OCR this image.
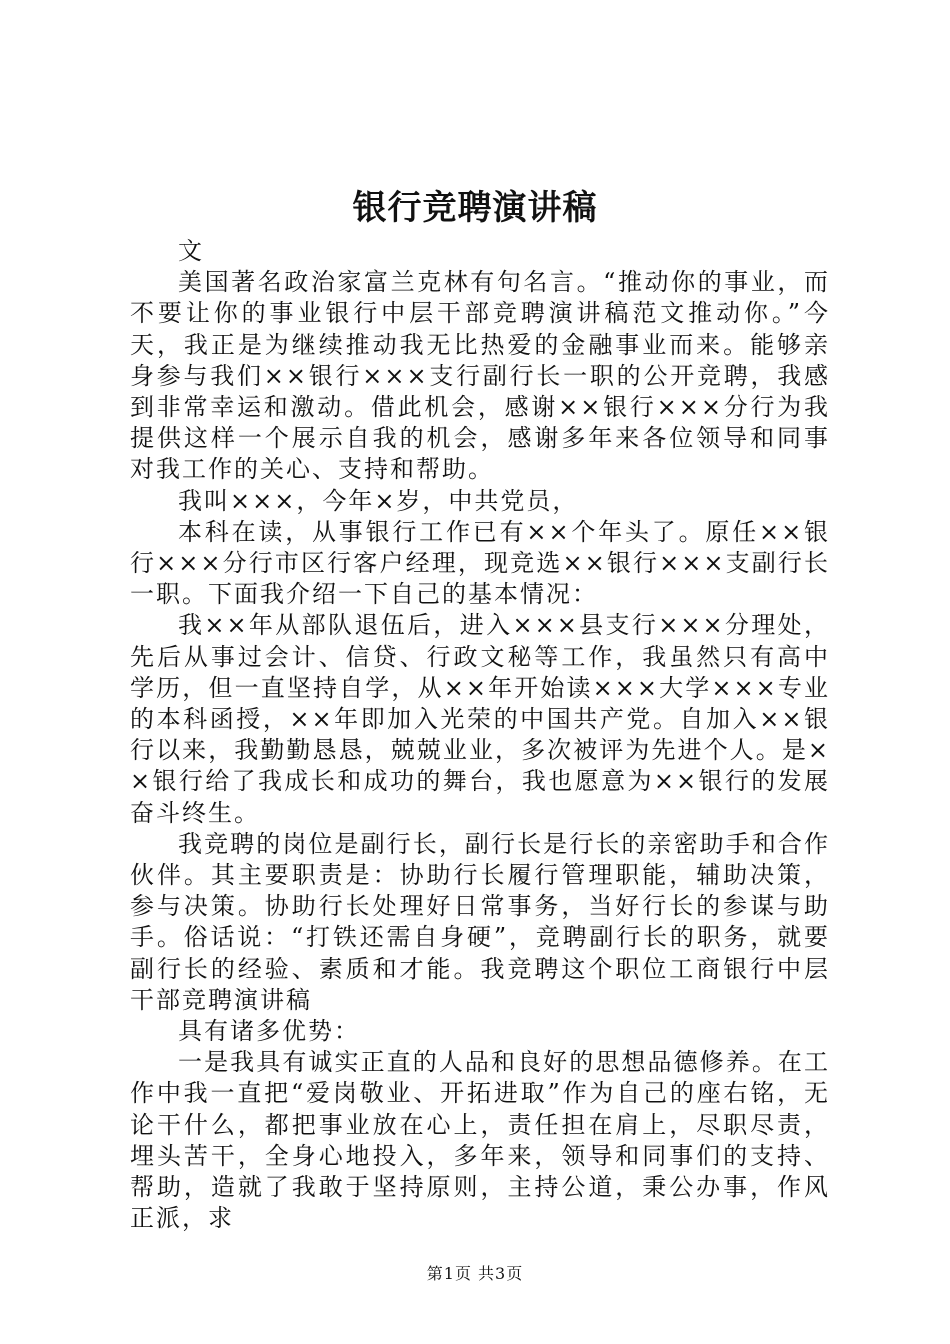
银行竞聘演讲稿

文

美国著名政治家富兰克林有句名言。“推动你的事业，而不要让你的事业银行中层干部竞聘演讲稿范文推动你。”今天，我正是为继续推动我无比热爱的金融事业而来。能够亲身参与我们××银行×××支行副行长一职的公开竞聘，我感到非常幸运和激动。借此机会，感谢××银行×××分行为我提供这样一个展示自我的机会，感谢多年来各位领导和同事对我工作的关心、支持和帮助。

我叫×××，今年×岁，中共党员，

本科在读，从事银行工作已有××个年头了。原任××银行×××分行市区行客户经理，现竞选××银行×××支副行长一职。下面我介绍一下自己的基本情况：

我××年从部队退伍后，进入×××县支行×××分理处，先后从事过会计、信贷、行政文秘等工作，我虽然只有高中学历，但一直坚持自学，从××年开始读×××大学×××专业的本科函授，××年即加入光荣的中国共产党。自加入××银行以来，我勤勤恳恳，兢兢业业，多次被评为先进个人。是××银行给了我成长和成功的舞台，我也愿意为××银行的发展奋斗终生。

我竞聘的岗位是副行长，副行长是行长的亲密助手和合作伙伴。其主要职责是：协助行长履行管理职能，辅助决策，参与决策。协助行长处理好日常事务，当好行长的参谋与助手。俗话说：“打铁还需自身硬”，竞聘副行长的职务，就要副行长的经验、素质和才能。我竞聘这个职位工商银行中层干部竞聘演讲稿

具有诸多优势：

一是我具有诚实正直的人品和良好的思想品德修养。在工作中我一直把“爱岗敬业、开拓进取”作为自己的座右铭，无论干什么，都把事业放在心上，责任担在肩上，尽职尽责，埋头苦干，全身心地投入，多年来，领导和同事们的支持、帮助，造就了我敢于坚持原则，主持公道，秉公办事，作风正派，求

第1页 共3页
